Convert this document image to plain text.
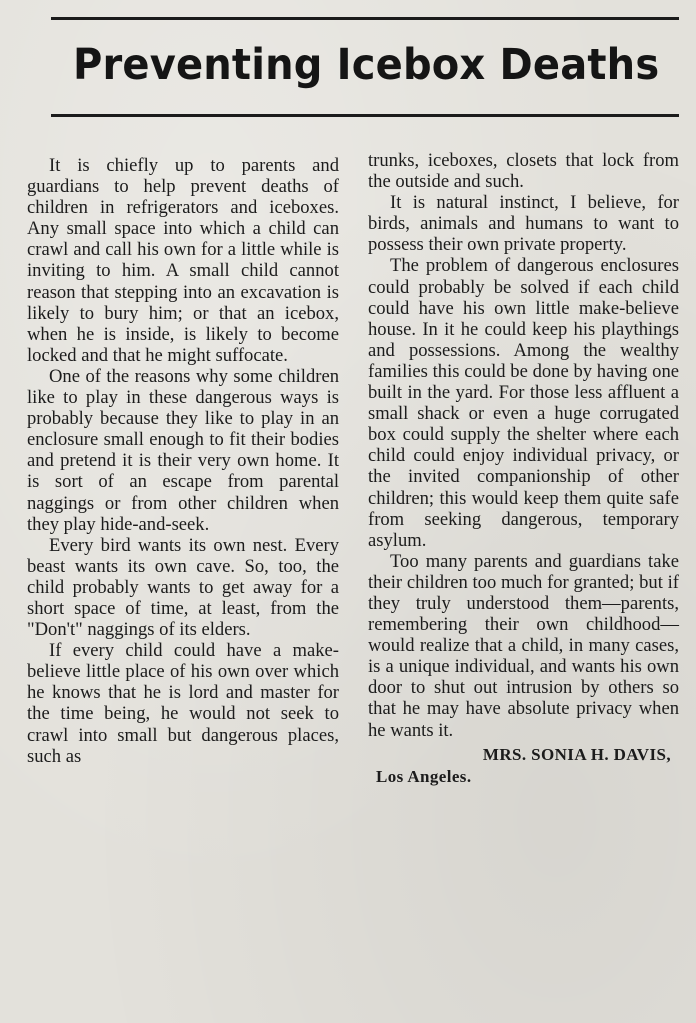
Preventing Icebox Deaths

It is chiefly up to parents and guardians to help prevent deaths of children in refrigerators and iceboxes. Any small space into which a child can crawl and call his own for a little while is inviting to him. A small child cannot reason that stepping into an excavation is likely to bury him; or that an icebox, when he is inside, is likely to become locked and that he might suffocate.

One of the reasons why some children like to play in these dangerous ways is probably because they like to play in an enclosure small enough to fit their bodies and pretend it is their very own home. It is sort of an escape from parental naggings or from other children when they play hide-and-seek.

Every bird wants its own nest. Every beast wants its own cave. So, too, the child probably wants to get away for a short space of time, at least, from the "Don't" naggings of its elders.

If every child could have a make-believe little place of his own over which he knows that he is lord and master for the time being, he would not seek to crawl into small but dangerous places, such as

trunks, iceboxes, closets that lock from the outside and such.

It is natural instinct, I believe, for birds, animals and humans to want to possess their own private property.

The problem of dangerous enclosures could probably be solved if each child could have his own little make-believe house. In it he could keep his playthings and possessions. Among the wealthy families this could be done by having one built in the yard. For those less affluent a small shack or even a huge corrugated box could supply the shelter where each child could enjoy individual privacy, or the invited companionship of other children; this would keep them quite safe from seeking dangerous, temporary asylum.

Too many parents and guardians take their children too much for granted; but if they truly understood them—parents, remembering their own childhood—would realize that a child, in many cases, is a unique individual, and wants his own door to shut out intrusion by others so that he may have absolute privacy when he wants it.

MRS. SONIA H. DAVIS,
Los Angeles.
